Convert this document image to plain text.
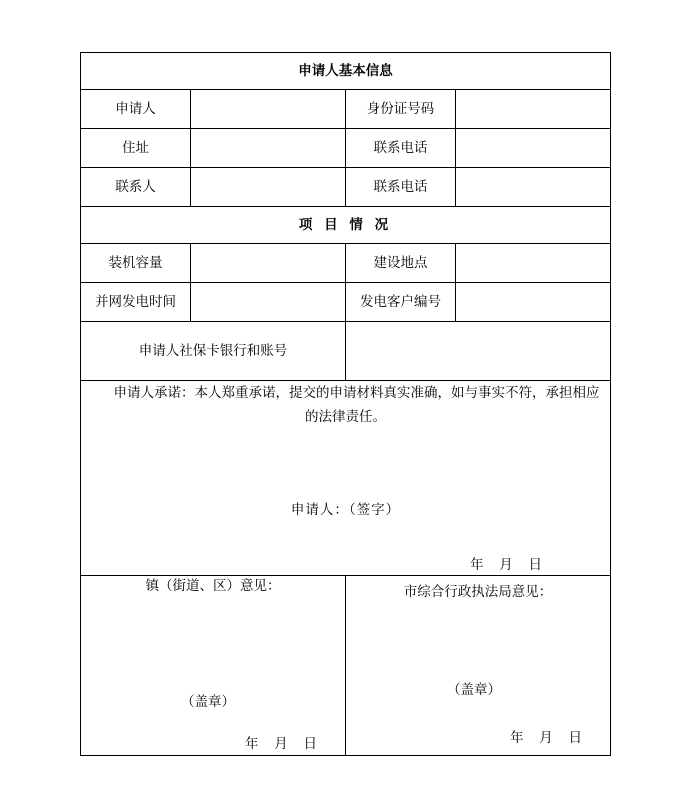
申请人基本信息			
申请人		身份证号码	
住址		联系电话	
联系人		联系电话	
项 目 情 况			
装机容量		建设地点	
并网发电时间		发电客户编号	
申请人社保卡银行和账号			

申请人承诺：本人郑重承诺，提交的申请材料真实准确，如与事实不符，承担相应
的法律责任。
申请人：（签字）
年 月 日			

镇（街道、区）意见：
（盖章）
年 月 日

市综合行政执法局意见：
（盖章）
年 月 日
